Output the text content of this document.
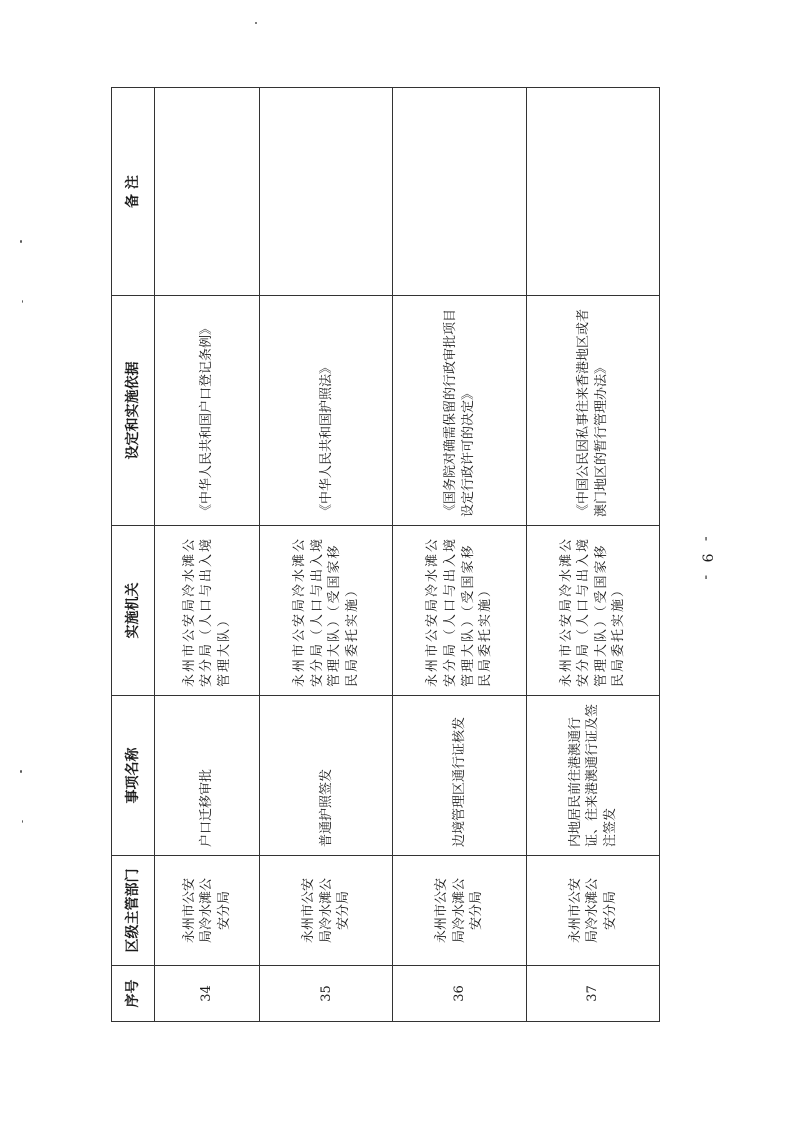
序号	区级主管部门	事项名称	实施机关	设定和实施依据	备 注
34	永州市公安局冷水滩公安分局	户口迁移审批	永州市公安局冷水滩公安分局（人口与出入境管理大队）	《中华人民共和国户口登记条例》	
35	永州市公安局冷水滩公安分局	普通护照签发	永州市公安局冷水滩公安分局（人口与出入境管理大队）（受国家移民局委托实施）	《中华人民共和国护照法》	
36	永州市公安局冷水滩公安分局	边境管理区通行证核发	永州市公安局冷水滩公安分局（人口与出入境管理大队）（受国家移民局委托实施）	《国务院对确需保留的行政审批项目设定行政许可的决定》	
37	永州市公安局冷水滩公安分局	内地居民前往港澳通行证、往来港澳通行证及签注签发	永州市公安局冷水滩公安分局（人口与出入境管理大队）（受国家移民局委托实施）	《中国公民因私事往来香港地区或者澳门地区的暂行管理办法》	
- 9 -
